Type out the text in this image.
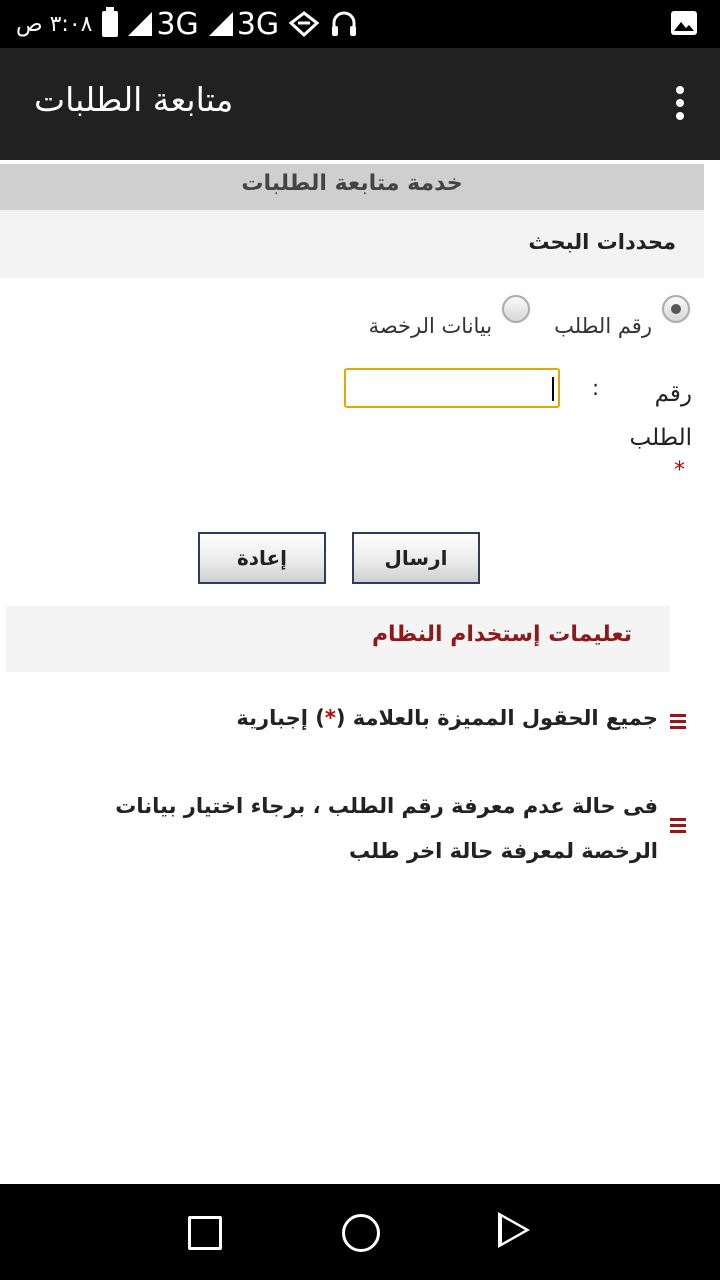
٣:٠٨ ص 3G 3G
متابعة الطلبات
خدمة متابعة الطلبات
محددات البحث
رقم الطلب
بيانات الرخصة
رقم الطلب
:
*
ارسال
إعادة
تعليمات إستخدام النظام
جميع الحقول المميزة بالعلامة (*) إجبارية
فى حالة عدم معرفة رقم الطلب ، برجاء اختيار بيانات الرخصة لمعرفة حالة اخر طلب
